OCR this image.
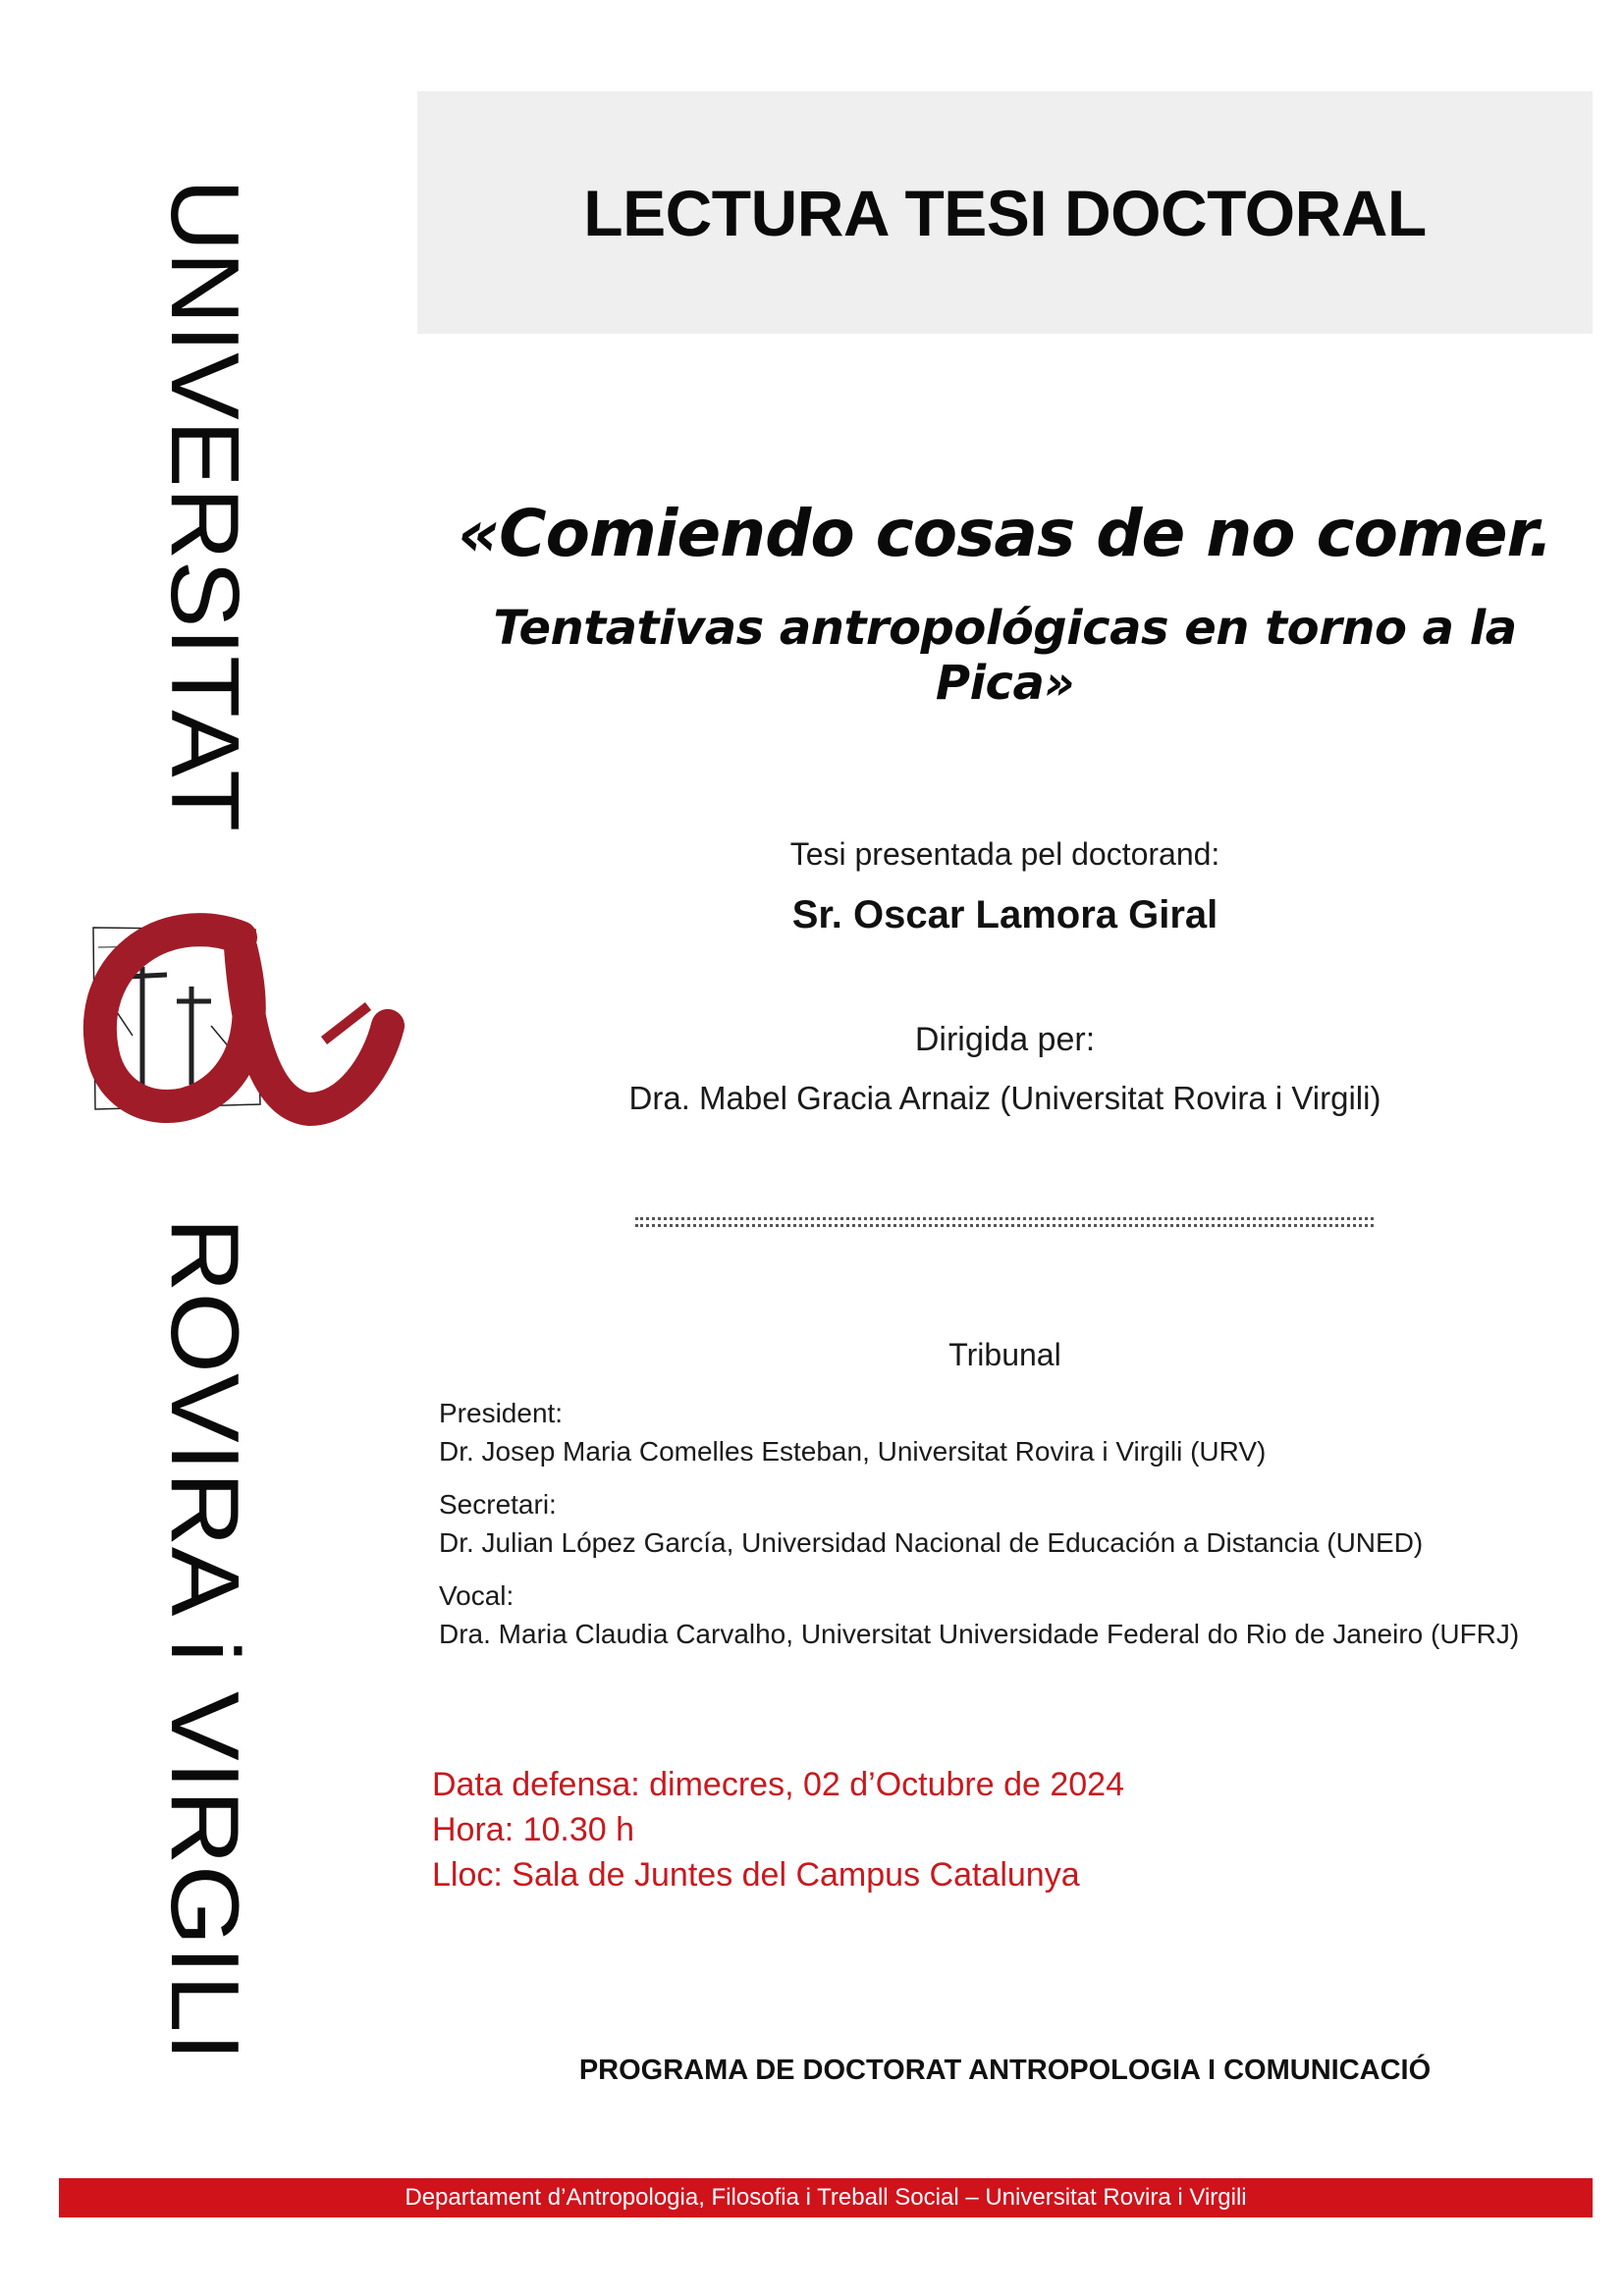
LECTURA TESI DOCTORAL
UNIVERSITAT
ROVIRA i VIRGILI
«Comiendo cosas de no comer.
Tentativas antropológicas en torno a la Pica»
Tesi presentada pel doctorand:
Sr. Oscar Lamora Giral
Dirigida per:
Dra. Mabel Gracia Arnaiz (Universitat Rovira i Virgili)
Tribunal
President:
Dr. Josep Maria Comelles Esteban, Universitat Rovira i Virgili (URV)
Secretari:
Dr. Julian López García, Universidad Nacional de Educación a Distancia (UNED)
Vocal:
Dra. Maria Claudia Carvalho, Universitat Universidade Federal do Rio de Janeiro (UFRJ)
Data defensa: dimecres, 02 d’Octubre de 2024
Hora: 10.30 h
Lloc: Sala de Juntes del Campus Catalunya
PROGRAMA DE DOCTORAT ANTROPOLOGIA I COMUNICACIÓ
Departament d’Antropologia, Filosofia i Treball Social – Universitat Rovira i Virgili
